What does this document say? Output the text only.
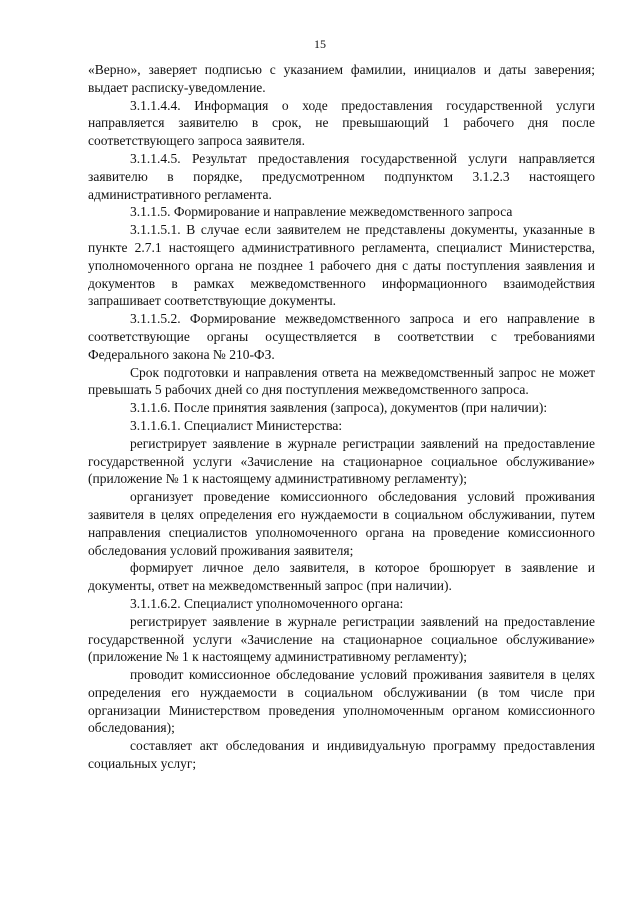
15

«Верно», заверяет подписью с указанием фамилии, инициалов и даты заверения; выдает расписку-уведомление.

3.1.1.4.4. Информация о ходе предоставления государственной услуги направляется заявителю в срок, не превышающий 1 рабочего дня после соответствующего запроса заявителя.

3.1.1.4.5. Результат предоставления государственной услуги направляется заявителю в порядке, предусмотренном подпунктом 3.1.2.3 настоящего административного регламента.

3.1.1.5. Формирование и направление межведомственного запроса

3.1.1.5.1. В случае если заявителем не представлены документы, указанные в пункте 2.7.1 настоящего административного регламента, специалист Министерства, уполномоченного органа не позднее 1 рабочего дня с даты поступления заявления и документов в рамках межведомственного информационного взаимодействия запрашивает соответствующие документы.

3.1.1.5.2. Формирование межведомственного запроса и его направление в соответствующие органы осуществляется в соответствии с требованиями Федерального закона № 210-ФЗ.

Срок подготовки и направления ответа на межведомственный запрос не может превышать 5 рабочих дней со дня поступления межведомственного запроса.

3.1.1.6. После принятия заявления (запроса), документов (при наличии):

3.1.1.6.1. Специалист Министерства:

регистрирует заявление в журнале регистрации заявлений на предоставление государственной услуги «Зачисление на стационарное социальное обслуживание» (приложение № 1 к настоящему административному регламенту);

организует проведение комиссионного обследования условий проживания заявителя в целях определения его нуждаемости в социальном обслуживании, путем направления специалистов уполномоченного органа на проведение комиссионного обследования условий проживания заявителя;

формирует личное дело заявителя, в которое брошюрует в заявление и документы, ответ на межведомственный запрос (при наличии).

3.1.1.6.2. Специалист уполномоченного органа:

регистрирует заявление в журнале регистрации заявлений на предоставление государственной услуги «Зачисление на стационарное социальное обслуживание» (приложение № 1 к настоящему административному регламенту);

проводит комиссионное обследование условий проживания заявителя в целях определения его нуждаемости в социальном обслуживании (в том числе при организации Министерством проведения уполномоченным органом комиссионного обследования);

составляет акт обследования и индивидуальную программу предоставления социальных услуг;
